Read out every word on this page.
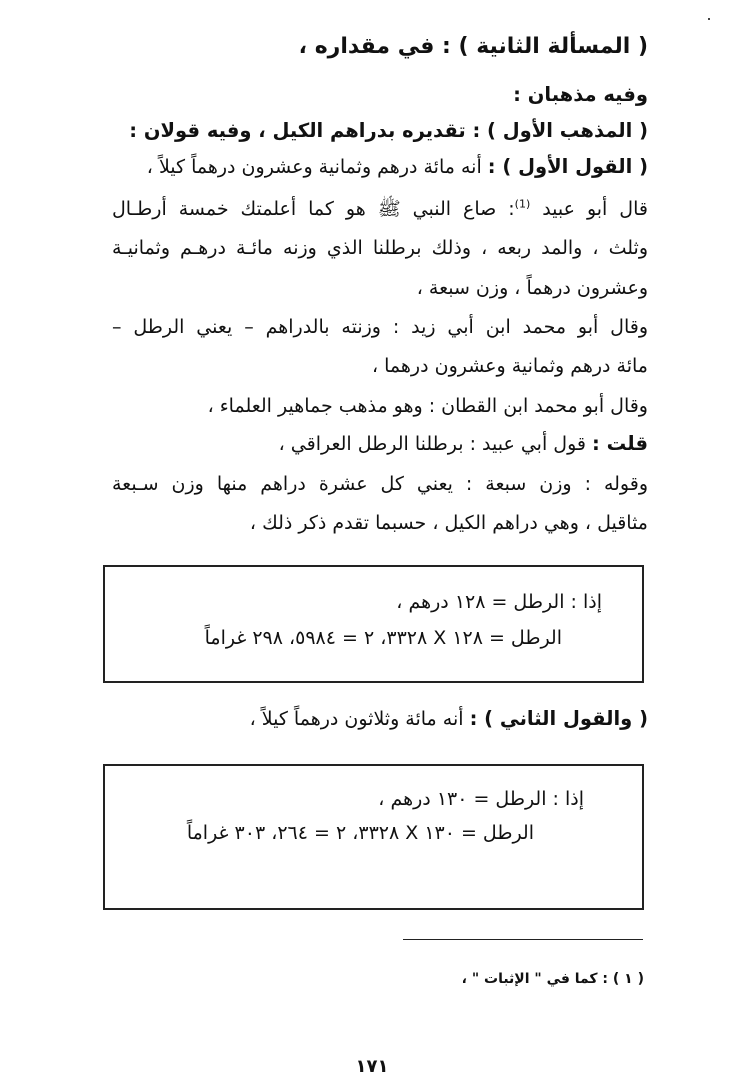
( المسألة الثانية ) : في مقداره ،

وفيه مذهبان :

( المذهب الأول ) : تقديره بدراهم الكيل ، وفيه قولان :

( القول الأول ) : أنه مائة درهم وثمانية وعشرون درهماً كيلاً ،

قال أبو عبيد $^{(1)}$: صاع النبي ﷺ هو كما أعلمتك خمسة أرطـال

وثلث ، والمد ربعه ، وذلك برطلنا الذي وزنه مائـة درهـم وثمانيـة

وعشرون درهماً ، وزن سبعة ،

وقال أبو محمد ابن أبي زيد : وزنته بالدراهم – يعني الرطل –

مائة درهم وثمانية وعشرون درهما ،

وقال أبو محمد ابن القطان : وهو مذهب جماهير العلماء ،

قلت : قول أبي عبيد : برطلنا الرطل العراقي ،

وقوله : وزن سبعة : يعني كل عشرة دراهم منها وزن سـبعة

مثاقيل ، وهي دراهم الكيل ، حسبما تقدم ذكر ذلك ،

إذا : الرطل = ١٢٨ درهم ،

الرطل = ١٢٨ X ٣٣٢٨، ٢ = ٥٩٨٤، ٢٩٨ غراماً

( والقول الثاني ) : أنه مائة وثلاثون درهماً كيلاً ،

إذا : الرطل = ١٣٠ درهم ،

الرطل = ١٣٠ X ٣٣٢٨، ٢ = ٢٦٤، ٣٠٣ غراماً

( ١ ) : كما في " الإثبات " ،

١٧١
